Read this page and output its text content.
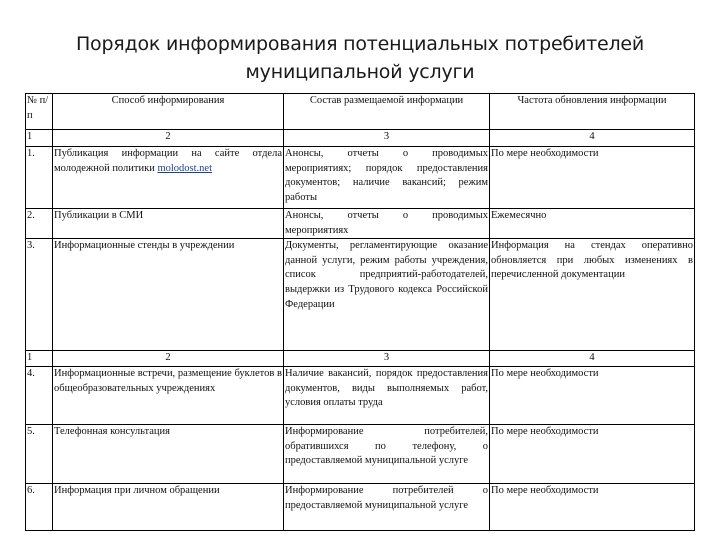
Порядок информирования потенциальных потребителей
муниципальной услуги
№ п/п	Способ информирования	Состав размещаемой информации	Частота обновления информации
1	2	3	4
1.	Публикация информации на сайте отдела молодежной политики molodost.net	Анонсы, отчеты о проводимых мероприятиях; порядок предоставления документов; наличие вакансий; режим работы	По мере необходимости
2.	Публикации в СМИ	Анонсы, отчеты о проводимых мероприятиях	Ежемесячно
3.	Информационные стенды в учреждении	Документы, регламентирующие оказание данной услуги, режим работы учреждения, список предприятий-работодателей, выдержки из Трудового кодекса Российской Федерации	Информация на стендах оперативно обновляется при любых изменениях в перечисленной документации
1	2	3	4
4.	Информационные встречи, размещение буклетов в общеобразовательных учреждениях	Наличие вакансий, порядок предоставления документов, виды выполняемых работ, условия оплаты труда	По мере необходимости
5.	Телефонная консультация	Информирование потребителей, обратившихся по телефону, о предоставляемой муниципальной услуге	По мере необходимости
6.	Информация при личном обращении	Информирование потребителей о предоставляемой муниципальной услуге	По мере необходимости
